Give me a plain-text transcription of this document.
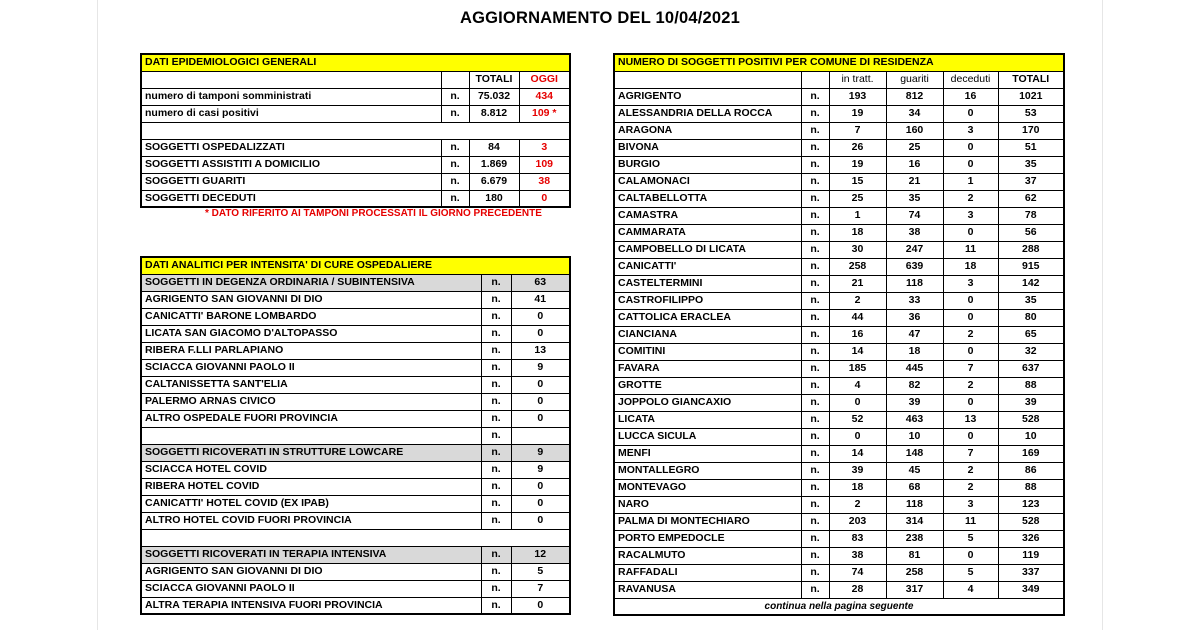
AGGIORNAMENTO DEL 10/04/2021
DATI EPIDEMIOLOGICI GENERALI			
		TOTALI	OGGI
numero di tamponi somministrati	n.	75.032	434
numero di casi positivi	n.	8.812	109 *

SOGGETTI OSPEDALIZZATI	n.	84	3
SOGGETTI ASSISTITI A DOMICILIO	n.	1.869	109
SOGGETTI GUARITI	n.	6.679	38
SOGGETTI DECEDUTI	n.	180	0
* DATO RIFERITO AI TAMPONI PROCESSATI IL GIORNO PRECEDENTE
DATI ANALITICI PER INTENSITA' DI CURE OSPEDALIERE		
SOGGETTI IN DEGENZA ORDINARIA / SUBINTENSIVA	n.	63
AGRIGENTO SAN GIOVANNI DI DIO	n.	41
CANICATTI' BARONE LOMBARDO	n.	0
LICATA SAN GIACOMO D'ALTOPASSO	n.	0
RIBERA F.LLI PARLAPIANO	n.	13
SCIACCA GIOVANNI PAOLO II	n.	9
CALTANISSETTA SANT'ELIA	n.	0
PALERMO ARNAS CIVICO	n.	0
ALTRO OSPEDALE FUORI PROVINCIA	n.	0
	n.	
SOGGETTI RICOVERATI IN STRUTTURE LOWCARE	n.	9
SCIACCA HOTEL COVID	n.	9
RIBERA HOTEL COVID	n.	0
CANICATTI' HOTEL COVID (EX IPAB)	n.	0
ALTRO HOTEL COVID FUORI PROVINCIA	n.	0

SOGGETTI RICOVERATI IN TERAPIA INTENSIVA	n.	12
AGRIGENTO SAN GIOVANNI DI DIO	n.	5
SCIACCA GIOVANNI PAOLO II	n.	7
ALTRA TERAPIA INTENSIVA FUORI PROVINCIA	n.	0
NUMERO DI SOGGETTI POSITIVI PER COMUNE DI RESIDENZA					
		in tratt.	guariti	deceduti	TOTALI
AGRIGENTO	n.	193	812	16	1021
ALESSANDRIA DELLA ROCCA	n.	19	34	0	53
ARAGONA	n.	7	160	3	170
BIVONA	n.	26	25	0	51
BURGIO	n.	19	16	0	35
CALAMONACI	n.	15	21	1	37
CALTABELLOTTA	n.	25	35	2	62
CAMASTRA	n.	1	74	3	78
CAMMARATA	n.	18	38	0	56
CAMPOBELLO DI LICATA	n.	30	247	11	288
CANICATTI'	n.	258	639	18	915
CASTELTERMINI	n.	21	118	3	142
CASTROFILIPPO	n.	2	33	0	35
CATTOLICA ERACLEA	n.	44	36	0	80
CIANCIANA	n.	16	47	2	65
COMITINI	n.	14	18	0	32
FAVARA	n.	185	445	7	637
GROTTE	n.	4	82	2	88
JOPPOLO GIANCAXIO	n.	0	39	0	39
LICATA	n.	52	463	13	528
LUCCA SICULA	n.	0	10	0	10
MENFI	n.	14	148	7	169
MONTALLEGRO	n.	39	45	2	86
MONTEVAGO	n.	18	68	2	88
NARO	n.	2	118	3	123
PALMA DI MONTECHIARO	n.	203	314	11	528
PORTO EMPEDOCLE	n.	83	238	5	326
RACALMUTO	n.	38	81	0	119
RAFFADALI	n.	74	258	5	337
RAVANUSA	n.	28	317	4	349
continua nella pagina seguente					
